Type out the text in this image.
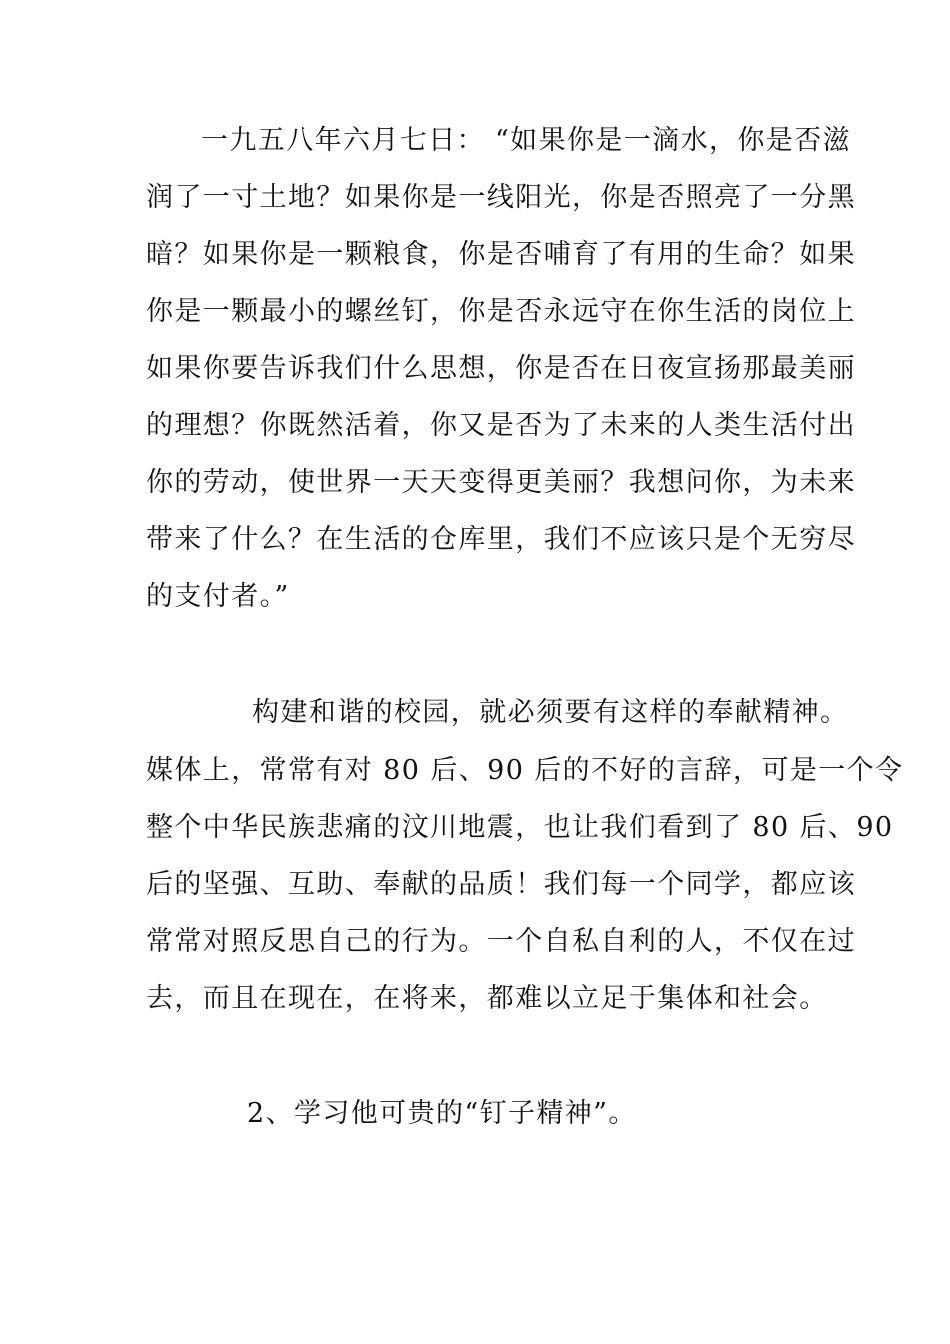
一九五八年六月七日： “如果你是一滴水，你是否滋
润了一寸土地？如果你是一线阳光，你是否照亮了一分黑
暗？如果你是一颗粮食，你是否哺育了有用的生命？如果
你是一颗最小的螺丝钉，你是否永远守在你生活的岗位上
如果你要告诉我们什么思想，你是否在日夜宣扬那最美丽
的理想？你既然活着，你又是否为了未来的人类生活付出
你的劳动，使世界一天天变得更美丽？我想问你，为未来
带来了什么？在生活的仓库里，我们不应该只是个无穷尽
的支付者。”
构建和谐的校园，就必须要有这样的奉献精神。
媒体上，常常有对 80 后、90 后的不好的言辞，可是一个令
整个中华民族悲痛的汶川地震，也让我们看到了 80 后、90
后的坚强、互助、奉献的品质！我们每一个同学，都应该
常常对照反思自己的行为。一个自私自利的人，不仅在过
去，而且在现在，在将来，都难以立足于集体和社会。
2、学习他可贵的“钉子精神”。
